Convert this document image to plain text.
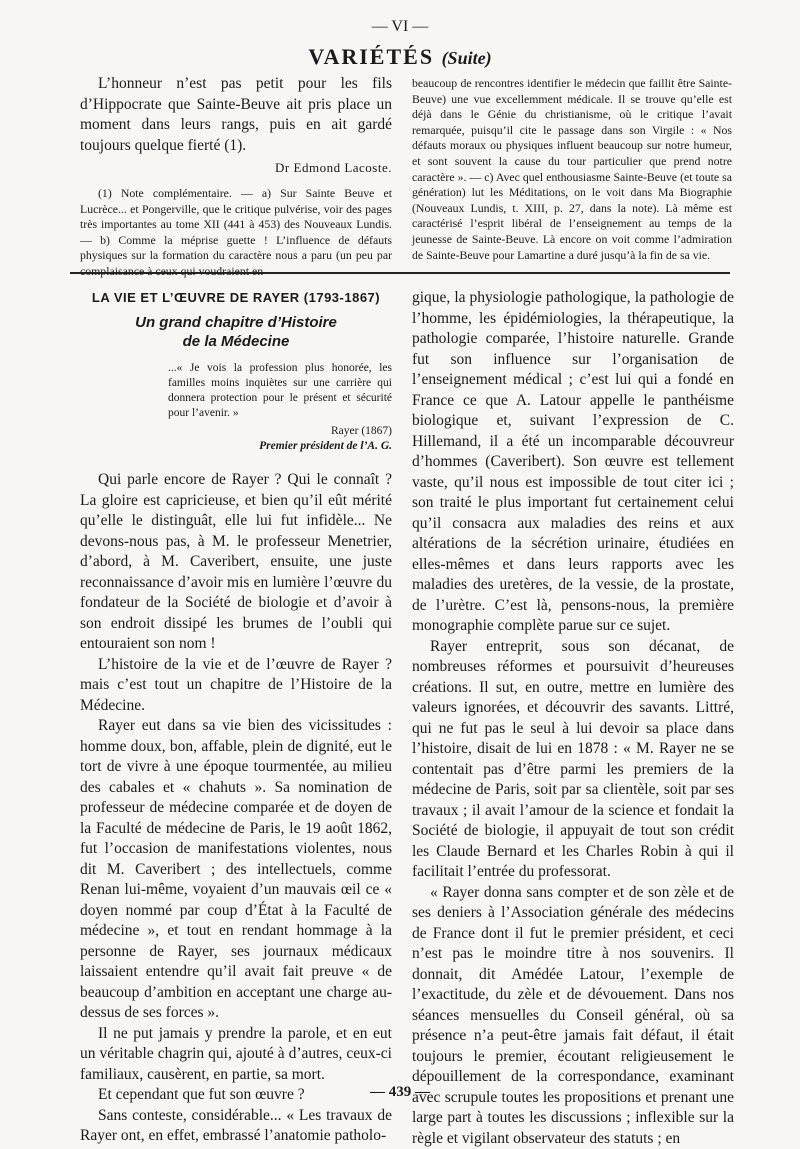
— VI —
VARIÉTÉS (Suite)

L’honneur n’est pas petit pour les fils d’Hippocrate que Sainte-Beuve ait pris place un moment dans leurs rangs, puis en ait gardé toujours quelque fierté (1).

Dr Edmond Lacoste.

(1) Note complémentaire. — a) Sur Sainte Beuve et Lucrèce... et Pongerville, que le critique pulvérise, voir des pages très importantes au tome XII (441 à 453) des Nouveaux Lundis. — b) Comme la méprise guette ! L’influence de défauts physiques sur la formation du caractère nous a paru (un peu par complaisance à ceux qui voudraient en

beaucoup de rencontres identifier le médecin que faillit être Sainte-Beuve) une vue excellemment médicale. Il se trouve qu’elle est déjà dans le Génie du christianisme, où le critique l’avait remarquée, puisqu’il cite le passage dans son Virgile : « Nos défauts moraux ou physiques influent beaucoup sur notre humeur, et sont souvent la cause du tour particulier que prend notre caractère ». — c) Avec quel enthousiasme Sainte-Beuve (et toute sa génération) lut les Méditations, on le voit dans Ma Biographie (Nouveaux Lundis, t. XIII, p. 27, dans la note). Là même est caractérisé l’esprit libéral de l’enseignement au temps de la jeunesse de Sainte-Beuve. Là encore on voit comme l’admiration de Sainte-Beuve pour Lamartine a duré jusqu’à la fin de sa vie.

LA VIE ET L’ŒUVRE DE RAYER (1793-1867)
Un grand chapitre d’Histoire
de la Médecine

...« Je vois la profession plus honorée, les familles moins inquiètes sur une carrière qui donnera protection pour le présent et sécurité pour l’avenir. »

Rayer (1867)
Premier président de l’A. G.

Qui parle encore de Rayer ? Qui le connaît ? La gloire est capricieuse, et bien qu’il eût mérité qu’elle le distinguât, elle lui fut infidèle... Ne devons-nous pas, à M. le professeur Menetrier, d’abord, à M. Caveribert, ensuite, une juste reconnaissance d’avoir mis en lumière l’œuvre du fondateur de la Société de biologie et d’avoir à son endroit dissipé les brumes de l’oubli qui entouraient son nom !

L’histoire de la vie et de l’œuvre de Rayer ? mais c’est tout un chapitre de l’Histoire de la Médecine.

Rayer eut dans sa vie bien des vicissitudes : homme doux, bon, affable, plein de dignité, eut le tort de vivre à une époque tourmentée, au milieu des cabales et « chahuts ». Sa nomination de professeur de médecine comparée et de doyen de la Faculté de médecine de Paris, le 19 août 1862, fut l’occasion de manifestations violentes, nous dit M. Caveribert ; des intellectuels, comme Renan lui-même, voyaient d’un mauvais œil ce « doyen nommé par coup d’État à la Faculté de médecine », et tout en rendant hommage à la personne de Rayer, ses journaux médicaux laissaient entendre qu’il avait fait preuve « de beaucoup d’ambition en acceptant une charge au-dessus de ses forces ».

Il ne put jamais y prendre la parole, et en eut un véritable chagrin qui, ajouté à d’autres, ceux-ci familiaux, causèrent, en partie, sa mort.

Et cependant que fut son œuvre ?

Sans conteste, considérable... « Les travaux de Rayer ont, en effet, embrassé l’anatomie patholo-

gique, la physiologie pathologique, la pathologie de l’homme, les épidémiologies, la thérapeutique, la pathologie comparée, l’histoire naturelle. Grande fut son influence sur l’organisation de l’enseignement médical ; c’est lui qui a fondé en France ce que A. Latour appelle le panthéisme biologique et, suivant l’expression de C. Hillemand, il a été un incomparable découvreur d’hommes (Caveribert). Son œuvre est tellement vaste, qu’il nous est impossible de tout citer ici ; son traité le plus important fut certainement celui qu’il consacra aux maladies des reins et aux altérations de la sécrétion urinaire, étudiées en elles-mêmes et dans leurs rapports avec les maladies des uretères, de la vessie, de la prostate, de l’urètre. C’est là, pensons-nous, la première monographie complète parue sur ce sujet.

Rayer entreprit, sous son décanat, de nombreuses réformes et poursuivit d’heureuses créations. Il sut, en outre, mettre en lumière des valeurs ignorées, et découvrir des savants. Littré, qui ne fut pas le seul à lui devoir sa place dans l’histoire, disait de lui en 1878 : « M. Rayer ne se contentait pas d’être parmi les premiers de la médecine de Paris, soit par sa clientèle, soit par ses travaux ; il avait l’amour de la science et fondait la Société de biologie, il appuyait de tout son crédit les Claude Bernard et les Charles Robin à qui il facilitait l’entrée du professorat.

« Rayer donna sans compter et de son zèle et de ses deniers à l’Association générale des médecins de France dont il fut le premier président, et ceci n’est pas le moindre titre à nos souvenirs. Il donnait, dit Amédée Latour, l’exemple de l’exactitude, du zèle et de dévouement. Dans nos séances mensuelles du Conseil général, où sa présence n’a peut-être jamais fait défaut, il était toujours le premier, écoutant religieusement le dépouillement de la correspondance, examinant avec scrupule toutes les propositions et prenant une large part à toutes les discussions ; inflexible sur la règle et vigilant observateur des statuts ; en

— 439 —
